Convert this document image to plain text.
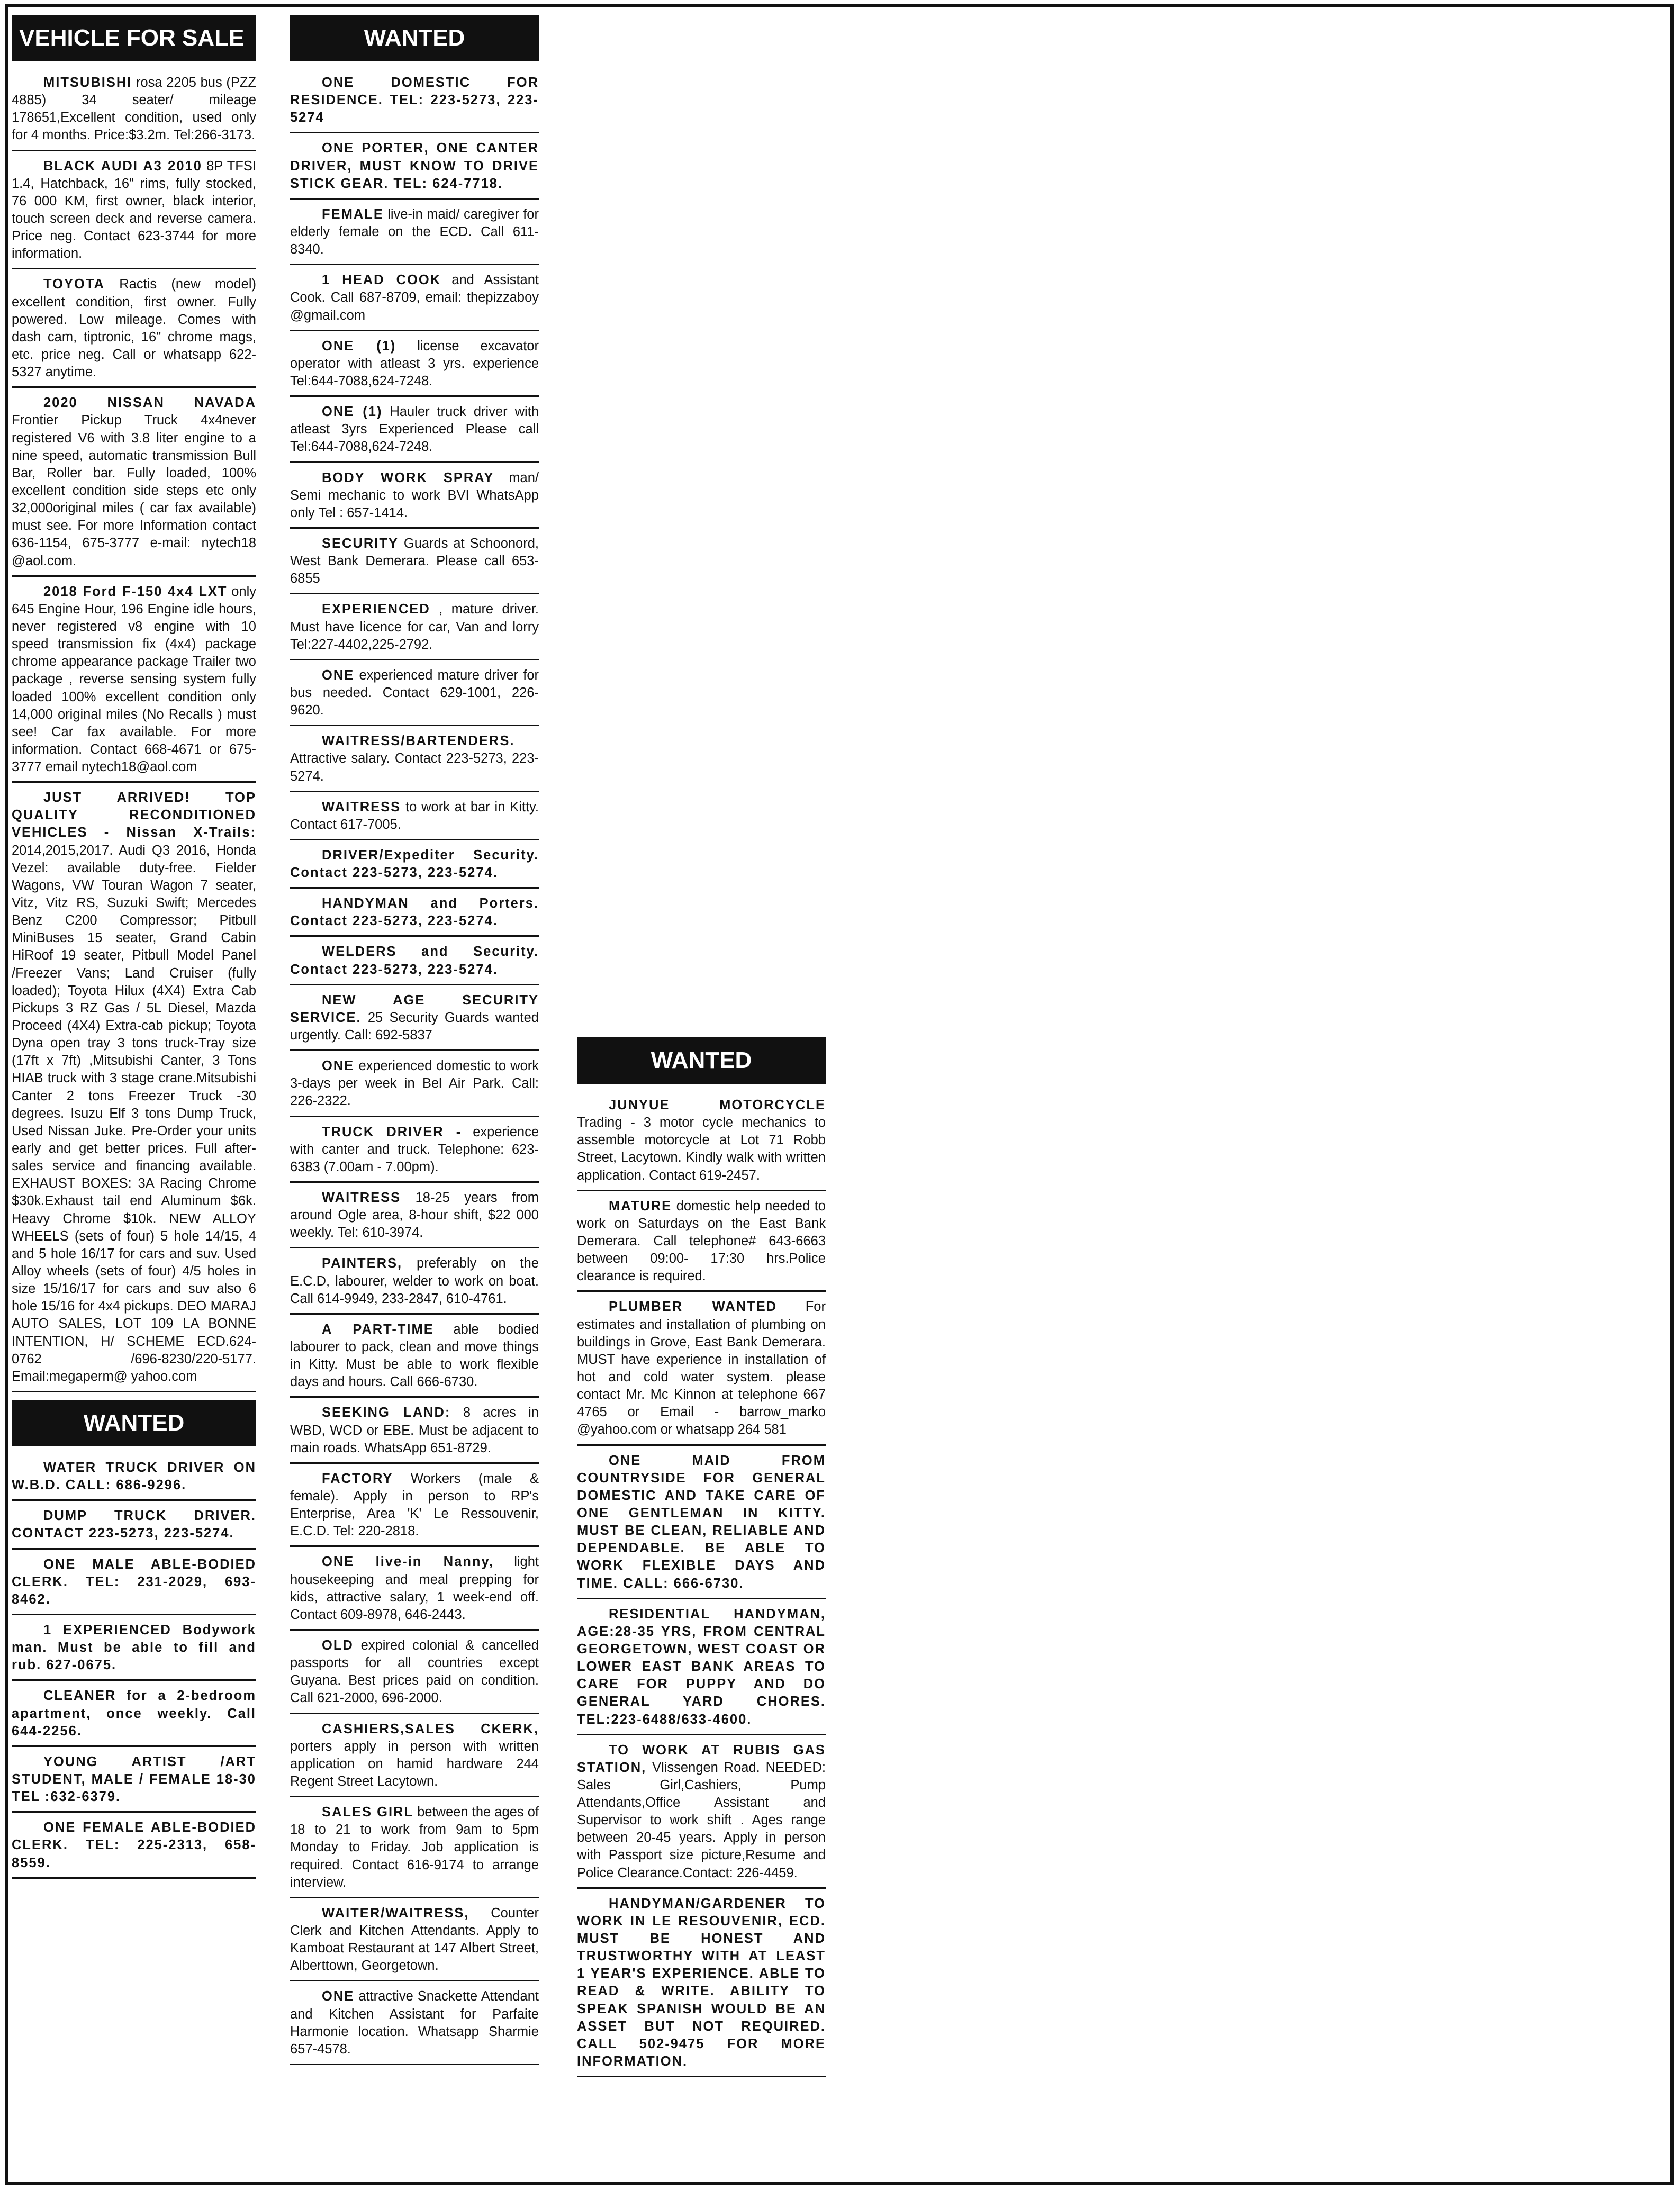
VEHICLE FOR SALE
MITSUBISHI rosa 2205 bus (PZZ 4885) 34 seater/ mileage 178651,Excellent condition, used only for 4 months. Price:$3.2m. Tel:266-3173.
BLACK AUDI A3 2010 8P TFSI 1.4, Hatchback, 16" rims, fully stocked, 76 000 KM, first owner, black interior, touch screen deck and reverse camera. Price neg. Contact 623-3744 for more information.
TOYOTA Ractis (new model) excellent condition, first owner. Fully powered. Low mileage. Comes with dash cam, tiptronic, 16" chrome mags, etc. price neg. Call or whatsapp 622-5327 anytime.
2020 NISSAN NAVADA Frontier Pickup Truck 4x4never registered V6 with 3.8 liter engine to a nine speed, automatic transmission Bull Bar, Roller bar. Fully loaded, 100% excellent condition side steps etc only 32,000original miles ( car fax available) must see. For more Information contact 636-1154, 675-3777 e-mail: nytech18 @aol.com.
2018 Ford F-150 4x4 LXT only 645 Engine Hour, 196 Engine idle hours, never registered v8 engine with 10 speed transmission fix (4x4) package chrome appearance package Trailer two package , reverse sensing system fully loaded 100% excellent condition only 14,000 original miles (No Recalls ) must see! Car fax available. For more information. Contact 668-4671 or 675-3777 email nytech18@aol.com
JUST ARRIVED! TOP QUALITY RECONDITIONED VEHICLES - Nissan X-Trails: 2014,2015,2017. Audi Q3 2016, Honda Vezel: available duty-free. Fielder Wagons, VW Touran Wagon 7 seater, Vitz, Vitz RS, Suzuki Swift; Mercedes Benz C200 Compressor; Pitbull MiniBuses 15 seater, Grand Cabin HiRoof 19 seater, Pitbull Model Panel /Freezer Vans; Land Cruiser (fully loaded); Toyota Hilux (4X4) Extra Cab Pickups 3 RZ Gas / 5L Diesel, Mazda Proceed (4X4) Extra-cab pickup; Toyota Dyna open tray 3 tons truck-Tray size (17ft x 7ft) ,Mitsubishi Canter, 3 Tons HIAB truck with 3 stage crane.Mitsubishi Canter 2 tons Freezer Truck -30 degrees. Isuzu Elf 3 tons Dump Truck, Used Nissan Juke. Pre-Order your units early and get better prices. Full after-sales service and financing available. EXHAUST BOXES: 3A Racing Chrome $30k.Exhaust tail end Aluminum $6k. Heavy Chrome $10k. NEW ALLOY WHEELS (sets of four) 5 hole 14/15, 4 and 5 hole 16/17 for cars and suv. Used Alloy wheels (sets of four) 4/5 holes in size 15/16/17 for cars and suv also 6 hole 15/16 for 4x4 pickups. DEO MARAJ AUTO SALES, LOT 109 LA BONNE INTENTION, H/ SCHEME ECD.624-0762 /696-8230/220-5177. Email:megaperm@ yahoo.com
WANTED
WATER TRUCK DRIVER ON W.B.D. CALL: 686-9296.
DUMP TRUCK DRIVER. CONTACT 223-5273, 223-5274.
ONE MALE ABLE-BODIED CLERK. TEL: 231-2029, 693-8462.
1 EXPERIENCED Bodywork man. Must be able to fill and rub. 627-0675.
CLEANER for a 2-bedroom apartment, once weekly. Call 644-2256.
YOUNG ARTIST /ART STUDENT, MALE / FEMALE 18-30 TEL :632-6379.
ONE FEMALE ABLE-BODIED CLERK. TEL: 225-2313, 658-8559.
WANTED
ONE DOMESTIC FOR RESIDENCE. TEL: 223-5273, 223-5274
ONE PORTER, ONE CANTER DRIVER, MUST KNOW TO DRIVE STICK GEAR. TEL: 624-7718.
FEMALE live-in maid/ caregiver for elderly female on the ECD. Call 611-8340.
1 HEAD COOK and Assistant Cook. Call 687-8709, email: thepizzaboy @gmail.com
ONE (1) license excavator operator with atleast 3 yrs. experience Tel:644-7088,624-7248.
ONE (1) Hauler truck driver with atleast 3yrs Experienced Please call Tel:644-7088,624-7248.
BODY WORK SPRAY man/ Semi mechanic to work BVI WhatsApp only Tel : 657-1414.
SECURITY Guards at Schoonord, West Bank Demerara. Please call 653-6855
EXPERIENCED , mature driver. Must have licence for car, Van and lorry Tel:227-4402,225-2792.
ONE experienced mature driver for bus needed. Contact 629-1001, 226-9620.
WAITRESS/BARTENDERS. Attractive salary. Contact 223-5273, 223-5274.
WAITRESS to work at bar in Kitty. Contact 617-7005.
DRIVER/Expediter Security. Contact 223-5273, 223-5274.
HANDYMAN and Porters. Contact 223-5273, 223-5274.
WELDERS and Security. Contact 223-5273, 223-5274.
NEW AGE SECURITY SERVICE. 25 Security Guards wanted urgently. Call: 692-5837
ONE experienced domestic to work 3-days per week in Bel Air Park. Call: 226-2322.
TRUCK DRIVER - experience with canter and truck. Telephone: 623-6383 (7.00am - 7.00pm).
WAITRESS 18-25 years from around Ogle area, 8-hour shift, $22 000 weekly. Tel: 610-3974.
PAINTERS, preferably on the E.C.D, labourer, welder to work on boat. Call 614-9949, 233-2847, 610-4761.
A PART-TIME able bodied labourer to pack, clean and move things in Kitty. Must be able to work flexible days and hours. Call 666-6730.
SEEKING LAND: 8 acres in WBD, WCD or EBE. Must be adjacent to main roads. WhatsApp 651-8729.
FACTORY Workers (male & female). Apply in person to RP's Enterprise, Area 'K' Le Ressouvenir, E.C.D. Tel: 220-2818.
ONE live-in Nanny, light housekeeping and meal prepping for kids, attractive salary, 1 week-end off. Contact 609-8978, 646-2443.
OLD expired colonial & cancelled passports for all countries except Guyana. Best prices paid on condition. Call 621-2000, 696-2000.
CASHIERS,SALES CKERK, porters apply in person with written application on hamid hardware 244 Regent Street Lacytown.
SALES GIRL between the ages of 18 to 21 to work from 9am to 5pm Monday to Friday. Job application is required. Contact 616-9174 to arrange interview.
WAITER/WAITRESS, Counter Clerk and Kitchen Attendants. Apply to Kamboat Restaurant at 147 Albert Street, Alberttown, Georgetown.
ONE attractive Snackette Attendant and Kitchen Assistant for Parfaite Harmonie location. Whatsapp Sharmie 657-4578.
WANTED
JUNYUE MOTORCYCLE Trading - 3 motor cycle mechanics to assemble motorcycle at Lot 71 Robb Street, Lacytown. Kindly walk with written application. Contact 619-2457.
MATURE domestic help needed to work on Saturdays on the East Bank Demerara. Call telephone# 643-6663 between 09:00- 17:30 hrs.Police clearance is required.
PLUMBER WANTED For estimates and installation of plumbing on buildings in Grove, East Bank Demerara. MUST have experience in installation of hot and cold water system. please contact Mr. Mc Kinnon at telephone 667 4765 or Email - barrow_marko @yahoo.com or whatsapp 264 581
ONE MAID FROM COUNTRYSIDE FOR GENERAL DOMESTIC AND TAKE CARE OF ONE GENTLEMAN IN KITTY. MUST BE CLEAN, RELIABLE AND DEPENDABLE. BE ABLE TO WORK FLEXIBLE DAYS AND TIME. CALL: 666-6730.
RESIDENTIAL HANDYMAN, AGE:28-35 YRS, FROM CENTRAL GEORGETOWN, WEST COAST OR LOWER EAST BANK AREAS TO CARE FOR PUPPY AND DO GENERAL YARD CHORES. TEL:223-6488/633-4600.
TO WORK AT RUBIS GAS STATION, Vlissengen Road. NEEDED: Sales Girl,Cashiers, Pump Attendants,Office Assistant and Supervisor to work shift . Ages range between 20-45 years. Apply in person with Passport size picture,Resume and Police Clearance.Contact: 226-4459.
HANDYMAN/GARDENER TO WORK IN LE RESOUVENIR, ECD. MUST BE HONEST AND TRUSTWORTHY WITH AT LEAST 1 YEAR'S EXPERIENCE. ABLE TO READ & WRITE. ABILITY TO SPEAK SPANISH WOULD BE AN ASSET BUT NOT REQUIRED. CALL 502-9475 FOR MORE INFORMATION.
